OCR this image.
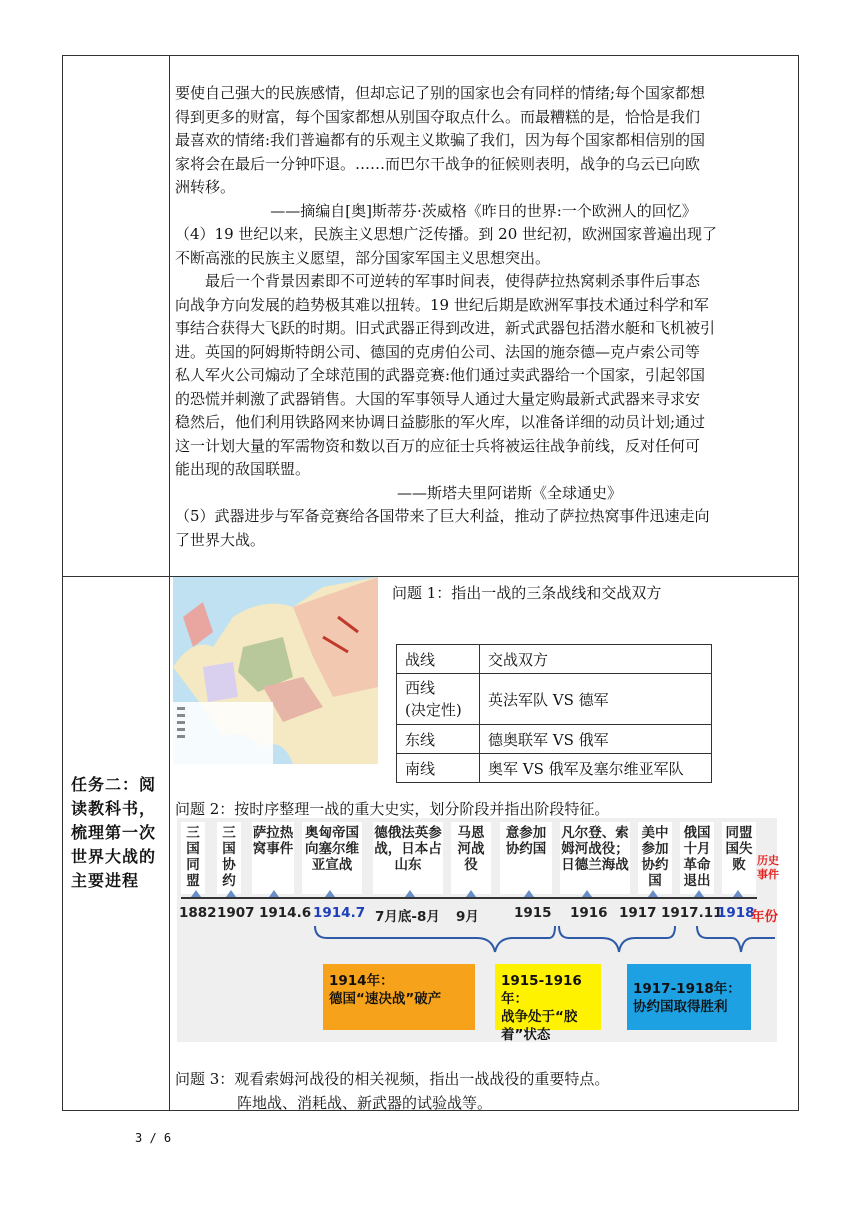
要使自己强大的民族感情，但却忘记了别的国家也会有同样的情绪;每个国家都想

得到更多的财富，每个国家都想从别国夺取点什么。而最糟糕的是，恰恰是我们

最喜欢的情绪:我们普遍都有的乐观主义欺骗了我们，因为每个国家都相信别的国

家将会在最后一分钟吓退。……而巴尔干战争的征候则表明，战争的乌云已向欧

洲转移。

——摘编自[奥]斯蒂芬·茨威格《昨日的世界:一个欧洲人的回忆》

（4）19 世纪以来，民族主义思想广泛传播。到 20 世纪初，欧洲国家普遍出现了

不断高涨的民族主义愿望，部分国家军国主义思想突出。

最后一个背景因素即不可逆转的军事时间表，使得萨拉热窝刺杀事件后事态

向战争方向发展的趋势极其难以扭转。19 世纪后期是欧洲军事技术通过科学和军

事结合获得大飞跃的时期。旧式武器正得到改进，新式武器包括潜水艇和飞机被引

进。英国的阿姆斯特朗公司、德国的克虏伯公司、法国的施奈德—克卢索公司等

私人军火公司煽动了全球范围的武器竞赛:他们通过卖武器给一个国家，引起邻国

的恐慌并刺激了武器销售。大国的军事领导人通过大量定购最新式武器来寻求安

稳然后，他们利用铁路网来协调日益膨胀的军火库，以准备详细的动员计划;通过

这一计划大量的军需物资和数以百万的应征士兵将被运往战争前线，反对任何可

能出现的敌国联盟。

——斯塔夫里阿诺斯《全球通史》

（5）武器进步与军备竞赛给各国带来了巨大利益，推动了萨拉热窝事件迅速走向

了世界大战。

任务二：阅读教科书，梳理第一次世界大战的主要进程
问题 1：指出一战的三条战线和交战双方
战线	交战双方
西线
(决定性)	英法军队 VS 德军
东线	德奥联军 VS 俄军
南线	奥军 VS 俄军及塞尔维亚军队
问题 2：按时序整理一战的重大史实，划分阶段并指出阶段特征。
三国同盟
三国协约
萨拉热窝事件
奥匈帝国向塞尔维亚宣战
德俄法英参战，日本占山东
马恩河战役
意参加协约国
凡尔登、索姆河战役；日德兰海战
美中参加协约国
俄国十月革命退出
同盟国失败	历史事件
1882 1907 1914.6 1914.7 7月底-8月 9月	1915 1916 1917 1917.11
1918
年份
1914年：
德国“速决战”破产
1915-1916年：
战争处于“胶着”状态
1917-1918年：
协约国取得胜利
问题 3：观看索姆河战役的相关视频，指出一战战役的重要特点。
阵地战、消耗战、新武器的试验战等。
3 / 6
